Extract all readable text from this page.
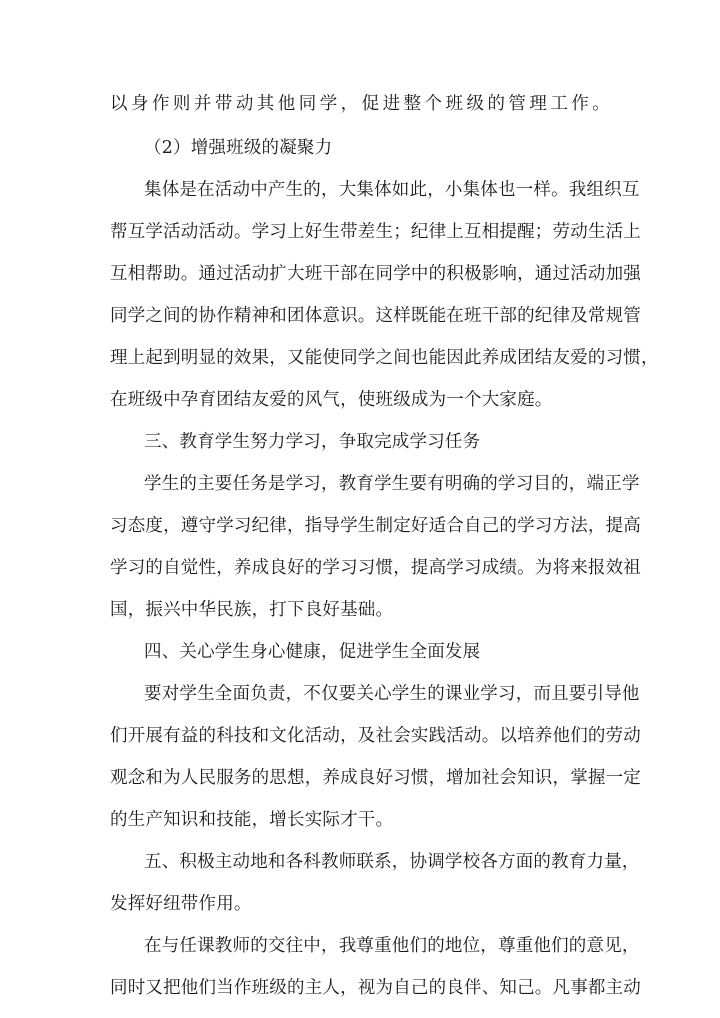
以身作则并带动其他同学，促进整个班级的管理工作。
（2）增强班级的凝聚力
集体是在活动中产生的，大集体如此，小集体也一样。我组织互
帮互学活动活动。学习上好生带差生；纪律上互相提醒；劳动生活上
互相帮助。通过活动扩大班干部在同学中的积极影响，通过活动加强
同学之间的协作精神和团体意识。这样既能在班干部的纪律及常规管
理上起到明显的效果，又能使同学之间也能因此养成团结友爱的习惯，
在班级中孕育团结友爱的风气，使班级成为一个大家庭。
三、教育学生努力学习，争取完成学习任务
学生的主要任务是学习，教育学生要有明确的学习目的，端正学
习态度，遵守学习纪律，指导学生制定好适合自己的学习方法，提高
学习的自觉性，养成良好的学习习惯，提高学习成绩。为将来报效祖
国，振兴中华民族，打下良好基础。
四、关心学生身心健康，促进学生全面发展
要对学生全面负责，不仅要关心学生的课业学习，而且要引导他
们开展有益的科技和文化活动，及社会实践活动。以培养他们的劳动
观念和为人民服务的思想，养成良好习惯，增加社会知识，掌握一定
的生产知识和技能，增长实际才干。
五、积极主动地和各科教师联系，协调学校各方面的教育力量，
发挥好纽带作用。
在与任课教师的交往中，我尊重他们的地位，尊重他们的意见，
同时又把他们当作班级的主人，视为自己的良伴、知己。凡事都主动
